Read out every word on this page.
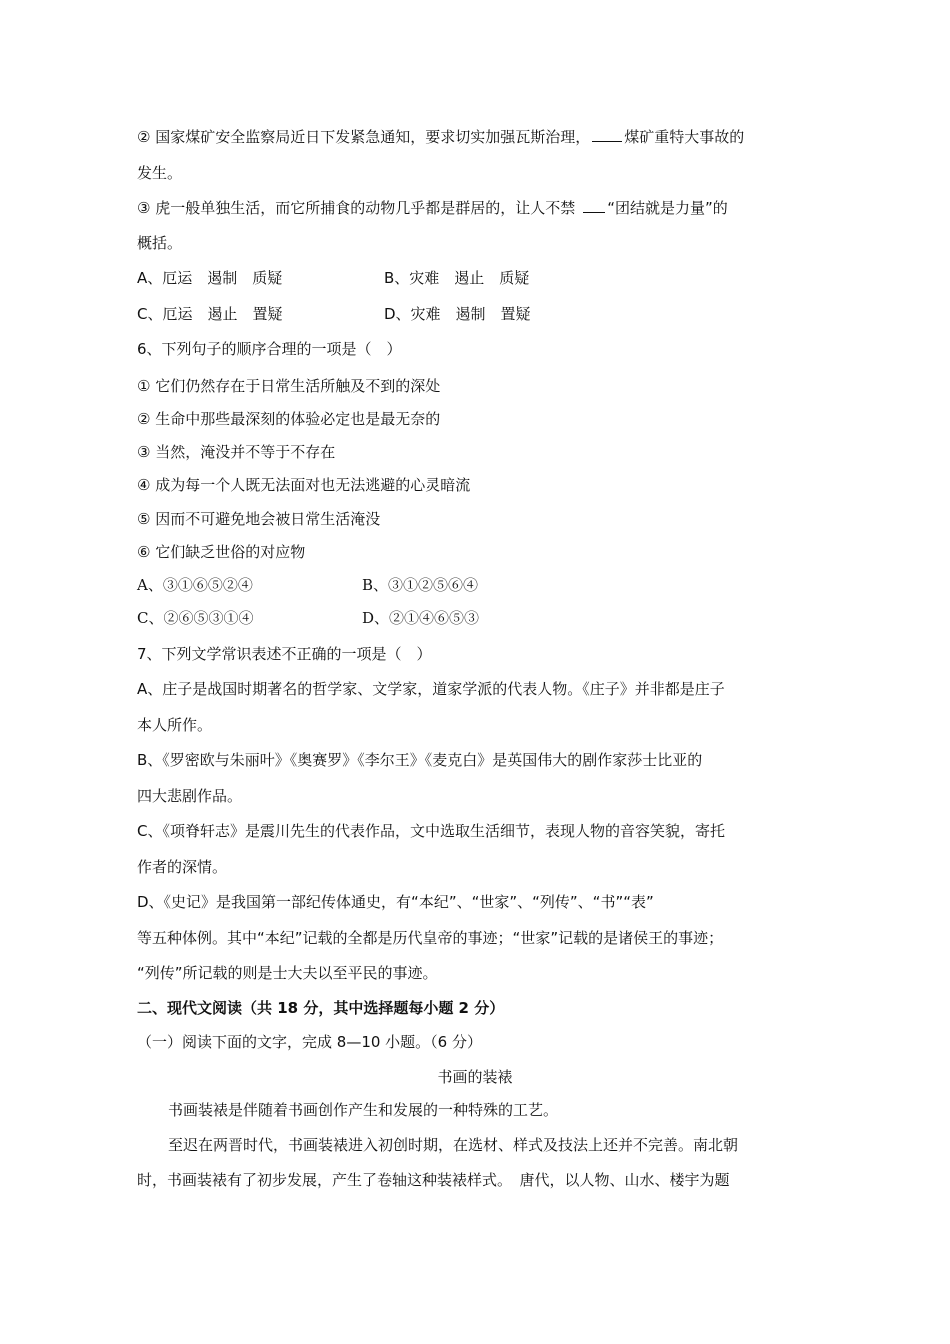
② 国家煤矿安全监察局近日下发紧急通知，要求切实加强瓦斯治理， 煤矿重特大事故的
发生。
③ 虎一般单独生活，而它所捕食的动物几乎都是群居的，让人不禁 “团结就是力量”的
概括。
A、厄运　遏制　质疑	B、灾难　遏止　质疑
C、厄运　遏止　置疑	D、灾难　遏制　置疑
6、下列句子的顺序合理的一项是（　）
① 它们仍然存在于日常生活所触及不到的深处
② 生命中那些最深刻的体验必定也是最无奈的
③ 当然，淹没并不等于不存在
④ 成为每一个人既无法面对也无法逃避的心灵暗流
⑤ 因而不可避免地会被日常生活淹没
⑥ 它们缺乏世俗的对应物
A、③①⑥⑤②④	B、③①②⑤⑥④
C、②⑥⑤③①④	D、②①④⑥⑤③
7、下列文学常识表述不正确的一项是（　）
A、庄子是战国时期著名的哲学家、文学家，道家学派的代表人物。《庄子》并非都是庄子
本人所作。
B、《罗密欧与朱丽叶》《奥赛罗》《李尔王》《麦克白》是英国伟大的剧作家莎士比亚的
四大悲剧作品。
C、《项脊轩志》是震川先生的代表作品，文中选取生活细节，表现人物的音容笑貌，寄托
作者的深情。
D、《史记》是我国第一部纪传体通史，有“本纪”、“世家”、“列传”、“书”“表”
等五种体例。其中“本纪”记载的全都是历代皇帝的事迹；“世家”记载的是诸侯王的事迹；
“列传”所记载的则是士大夫以至平民的事迹。
二、现代文阅读（共 18 分，其中选择题每小题 2 分）
（一）阅读下面的文字，完成 8—10 小题。（6 分）
书画的装裱
书画装裱是伴随着书画创作产生和发展的一种特殊的工艺。
至迟在两晋时代，书画装裱进入初创时期，在选材、样式及技法上还并不完善。南北朝
时，书画装裱有了初步发展，产生了卷轴这种装裱样式。　唐代，以人物、山水、楼宇为题
